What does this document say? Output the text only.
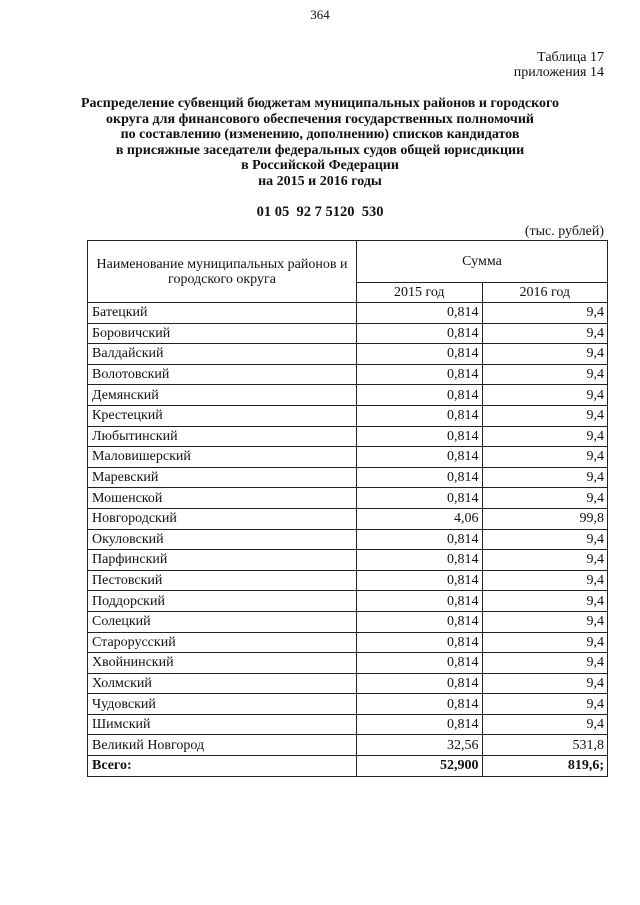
364
Таблица 17
приложения 14
Распределение субвенций бюджетам муниципальных районов и городского
округа для финансового обеспечения государственных полномочий
по составлению (изменению, дополнению) списков кандидатов
в присяжные заседатели федеральных судов общей юрисдикции
в Российской Федерации
на 2015 и 2016 годы
01 05  92 7 5120  530
(тыс. рублей)
Наименование муниципальных районов и городского округа	Сумма	
	2015 год	2016 год
Батецкий	0,814	9,4
Боровичский	0,814	9,4
Валдайский	0,814	9,4
Волотовский	0,814	9,4
Демянский	0,814	9,4
Крестецкий	0,814	9,4
Любытинский	0,814	9,4
Маловишерский	0,814	9,4
Маревский	0,814	9,4
Мошенской	0,814	9,4
Новгородский	4,06	99,8
Окуловский	0,814	9,4
Парфинский	0,814	9,4
Пестовский	0,814	9,4
Поддорский	0,814	9,4
Солецкий	0,814	9,4
Старорусский	0,814	9,4
Хвойнинский	0,814	9,4
Холмский	0,814	9,4
Чудовский	0,814	9,4
Шимский	0,814	9,4
Великий Новгород	32,56	531,8
Всего:	52,900	819,6;
